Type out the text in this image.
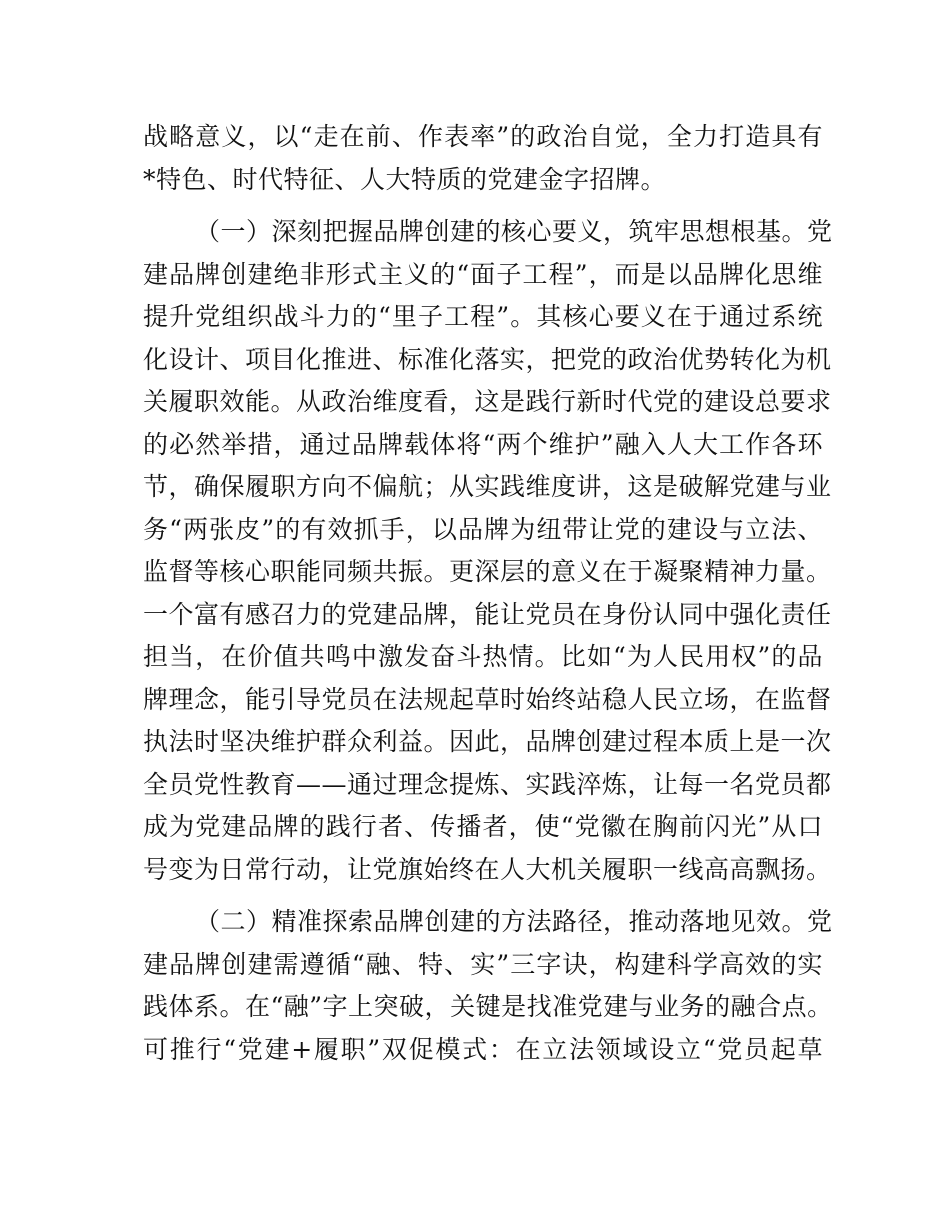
战略意义，以“走在前、作表率”的政治自觉，全力打造具有
*特色、时代特征、人大特质的党建金字招牌。
（一）深刻把握品牌创建的核心要义，筑牢思想根基。党
建品牌创建绝非形式主义的“面子工程”，而是以品牌化思维
提升党组织战斗力的“里子工程”。其核心要义在于通过系统
化设计、项目化推进、标准化落实，把党的政治优势转化为机
关履职效能。从政治维度看，这是践行新时代党的建设总要求
的必然举措，通过品牌载体将“两个维护”融入人大工作各环
节，确保履职方向不偏航；从实践维度讲，这是破解党建与业
务“两张皮”的有效抓手，以品牌为纽带让党的建设与立法、
监督等核心职能同频共振。更深层的意义在于凝聚精神力量。
一个富有感召力的党建品牌，能让党员在身份认同中强化责任
担当，在价值共鸣中激发奋斗热情。比如“为人民用权”的品
牌理念，能引导党员在法规起草时始终站稳人民立场，在监督
执法时坚决维护群众利益。因此，品牌创建过程本质上是一次
全员党性教育——通过理念提炼、实践淬炼，让每一名党员都
成为党建品牌的践行者、传播者，使“党徽在胸前闪光”从口
号变为日常行动，让党旗始终在人大机关履职一线高高飘扬。
（二）精准探索品牌创建的方法路径，推动落地见效。党
建品牌创建需遵循“融、特、实”三字诀，构建科学高效的实
践体系。在“融”字上突破，关键是找准党建与业务的融合点。
可推行“党建+履职”双促模式：在立法领域设立“党员起草
